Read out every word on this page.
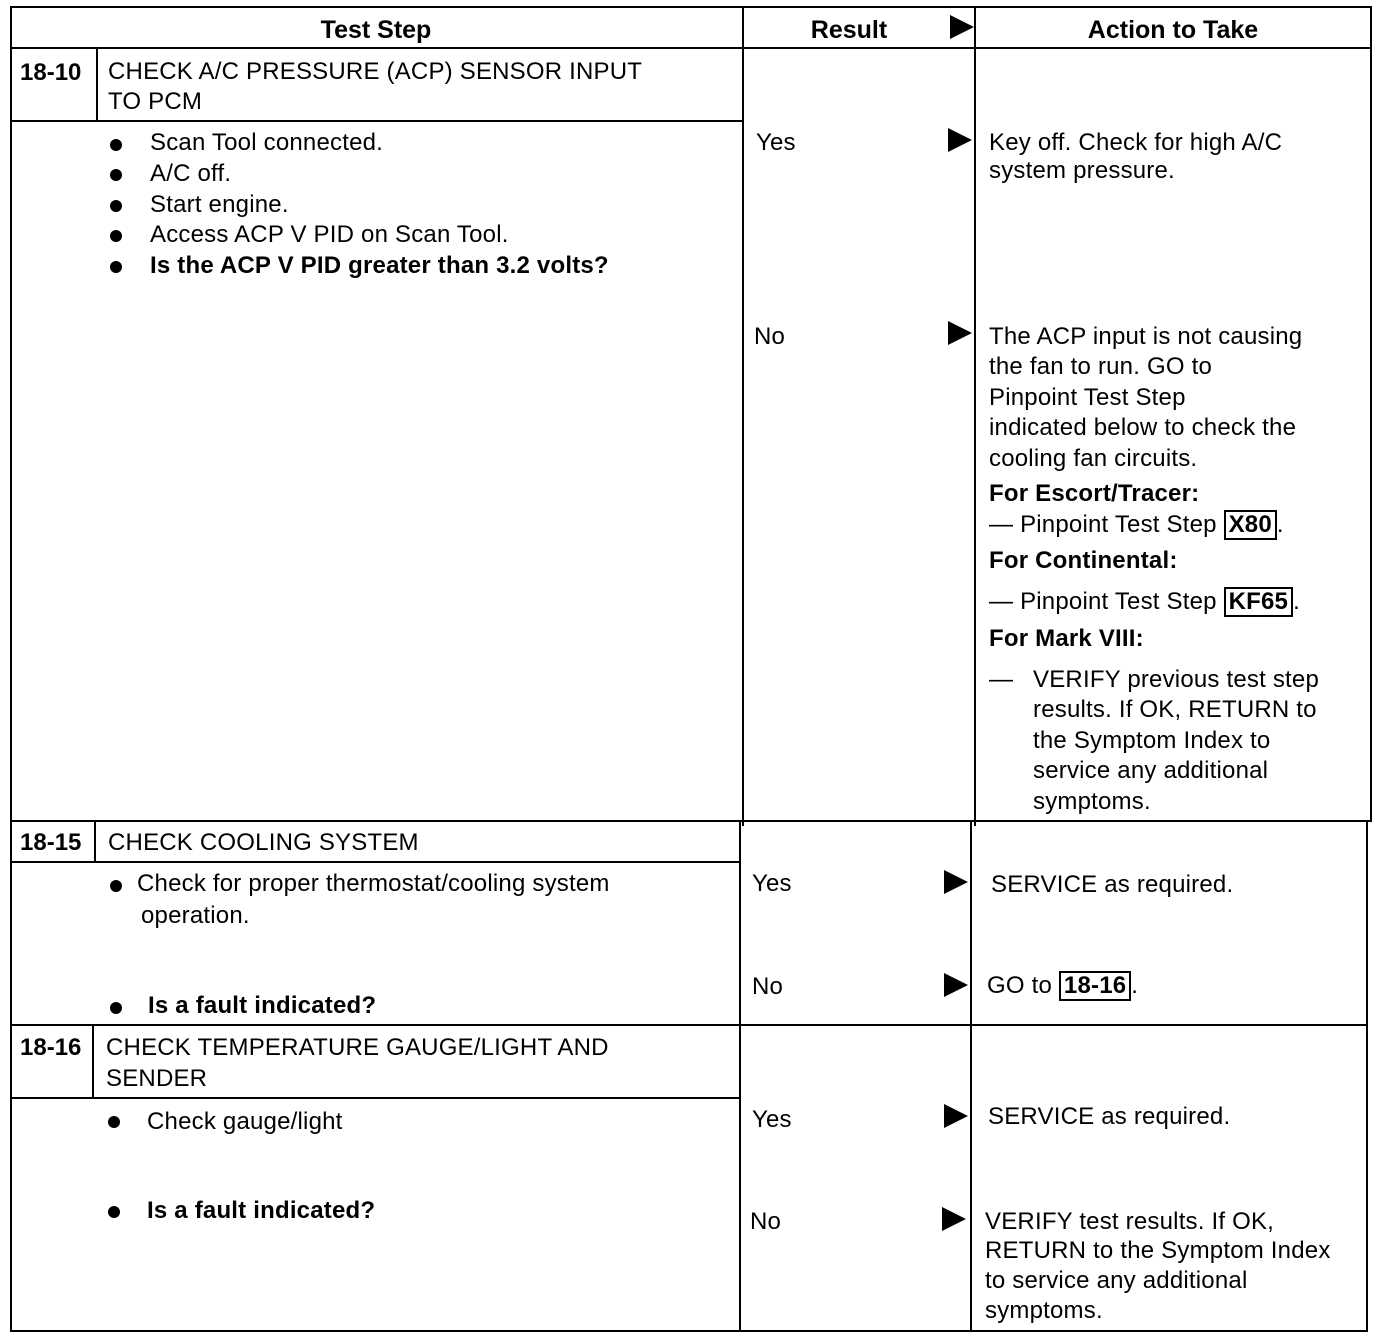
Test Step	Result	Action to Take
18-10 CHECK A/C PRESSURE (ACP) SENSOR INPUT
TO PCM
Scan Tool connected.
A/C off.
Start engine.
Access ACP V PID on Scan Tool.
Is the ACP V PID greater than 3.2 volts?
Yes	Key off. Check for high A/C
system pressure.
No	The ACP input is not causing
the fan to run. GO to
Pinpoint Test Step
indicated below to check the
cooling fan circuits.
For Escort/Tracer:
— Pinpoint Test Step X80 .
For Continental:
— Pinpoint Test Step KF65 .
For Mark VIII:
— VERIFY previous test step
results. If OK, RETURN to
the Symptom Index to
service any additional
symptoms.
18-15 CHECK COOLING SYSTEM
Check for proper thermostat/cooling system
operation.
Is a fault indicated?
Yes	SERVICE as required.
No	GO to 18-16 .
18-16 CHECK TEMPERATURE GAUGE/LIGHT AND
SENDER
Check gauge/light
Is a fault indicated?
Yes	SERVICE as required.
No	VERIFY test results. If OK,
RETURN to the Symptom Index
to service any additional
symptoms.
